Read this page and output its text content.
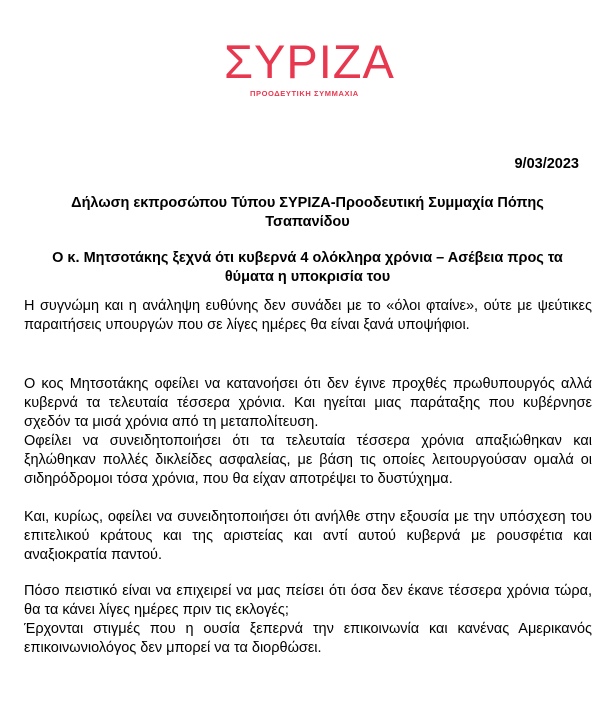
ΣΥΡΙΖΑ
ΠΡΟΟΔΕΥΤΙΚΗ ΣΥΜΜΑΧΙΑ
9/03/2023
Δήλωση εκπροσώπου Τύπου ΣΥΡΙΖΑ-Προοδευτική Συμμαχία Πόπης Τσαπανίδου
Ο κ. Μητσοτάκης ξεχνά ότι κυβερνά 4 ολόκληρα χρόνια – Ασέβεια προς τα θύματα η υποκρισία του

Η συγνώμη και η ανάληψη ευθύνης δεν συνάδει με το «όλοι φταίνε», ούτε με ψεύτικες παραιτήσεις υπουργών που σε λίγες ημέρες θα είναι ξανά υποψήφιοι.

Ο κος Μητσοτάκης οφείλει να κατανοήσει ότι δεν έγινε προχθές πρωθυπουργός αλλά κυβερνά τα τελευταία τέσσερα χρόνια. Και ηγείται μιας παράταξης που κυβέρνησε σχεδόν τα μισά χρόνια από τη μεταπολίτευση.

Οφείλει να συνειδητοποιήσει ότι τα τελευταία τέσσερα χρόνια απαξιώθηκαν και ξηλώθηκαν πολλές δικλείδες ασφαλείας, με βάση τις οποίες λειτουργούσαν ομαλά οι σιδηρόδρομοι τόσα χρόνια, που θα είχαν αποτρέψει το δυστύχημα.

Και, κυρίως, οφείλει να συνειδητοποιήσει ότι ανήλθε στην εξουσία με την υπόσχεση του επιτελικού κράτους και της αριστείας και αντί αυτού κυβερνά με ρουσφέτια και αναξιοκρατία παντού.

Πόσο πειστικό είναι να επιχειρεί να μας πείσει ότι όσα δεν έκανε τέσσερα χρόνια τώρα, θα τα κάνει λίγες ημέρες πριν τις εκλογές;

Έρχονται στιγμές που η ουσία ξεπερνά την επικοινωνία και κανένας Αμερικανός επικοινωνιολόγος δεν μπορεί να τα διορθώσει.
